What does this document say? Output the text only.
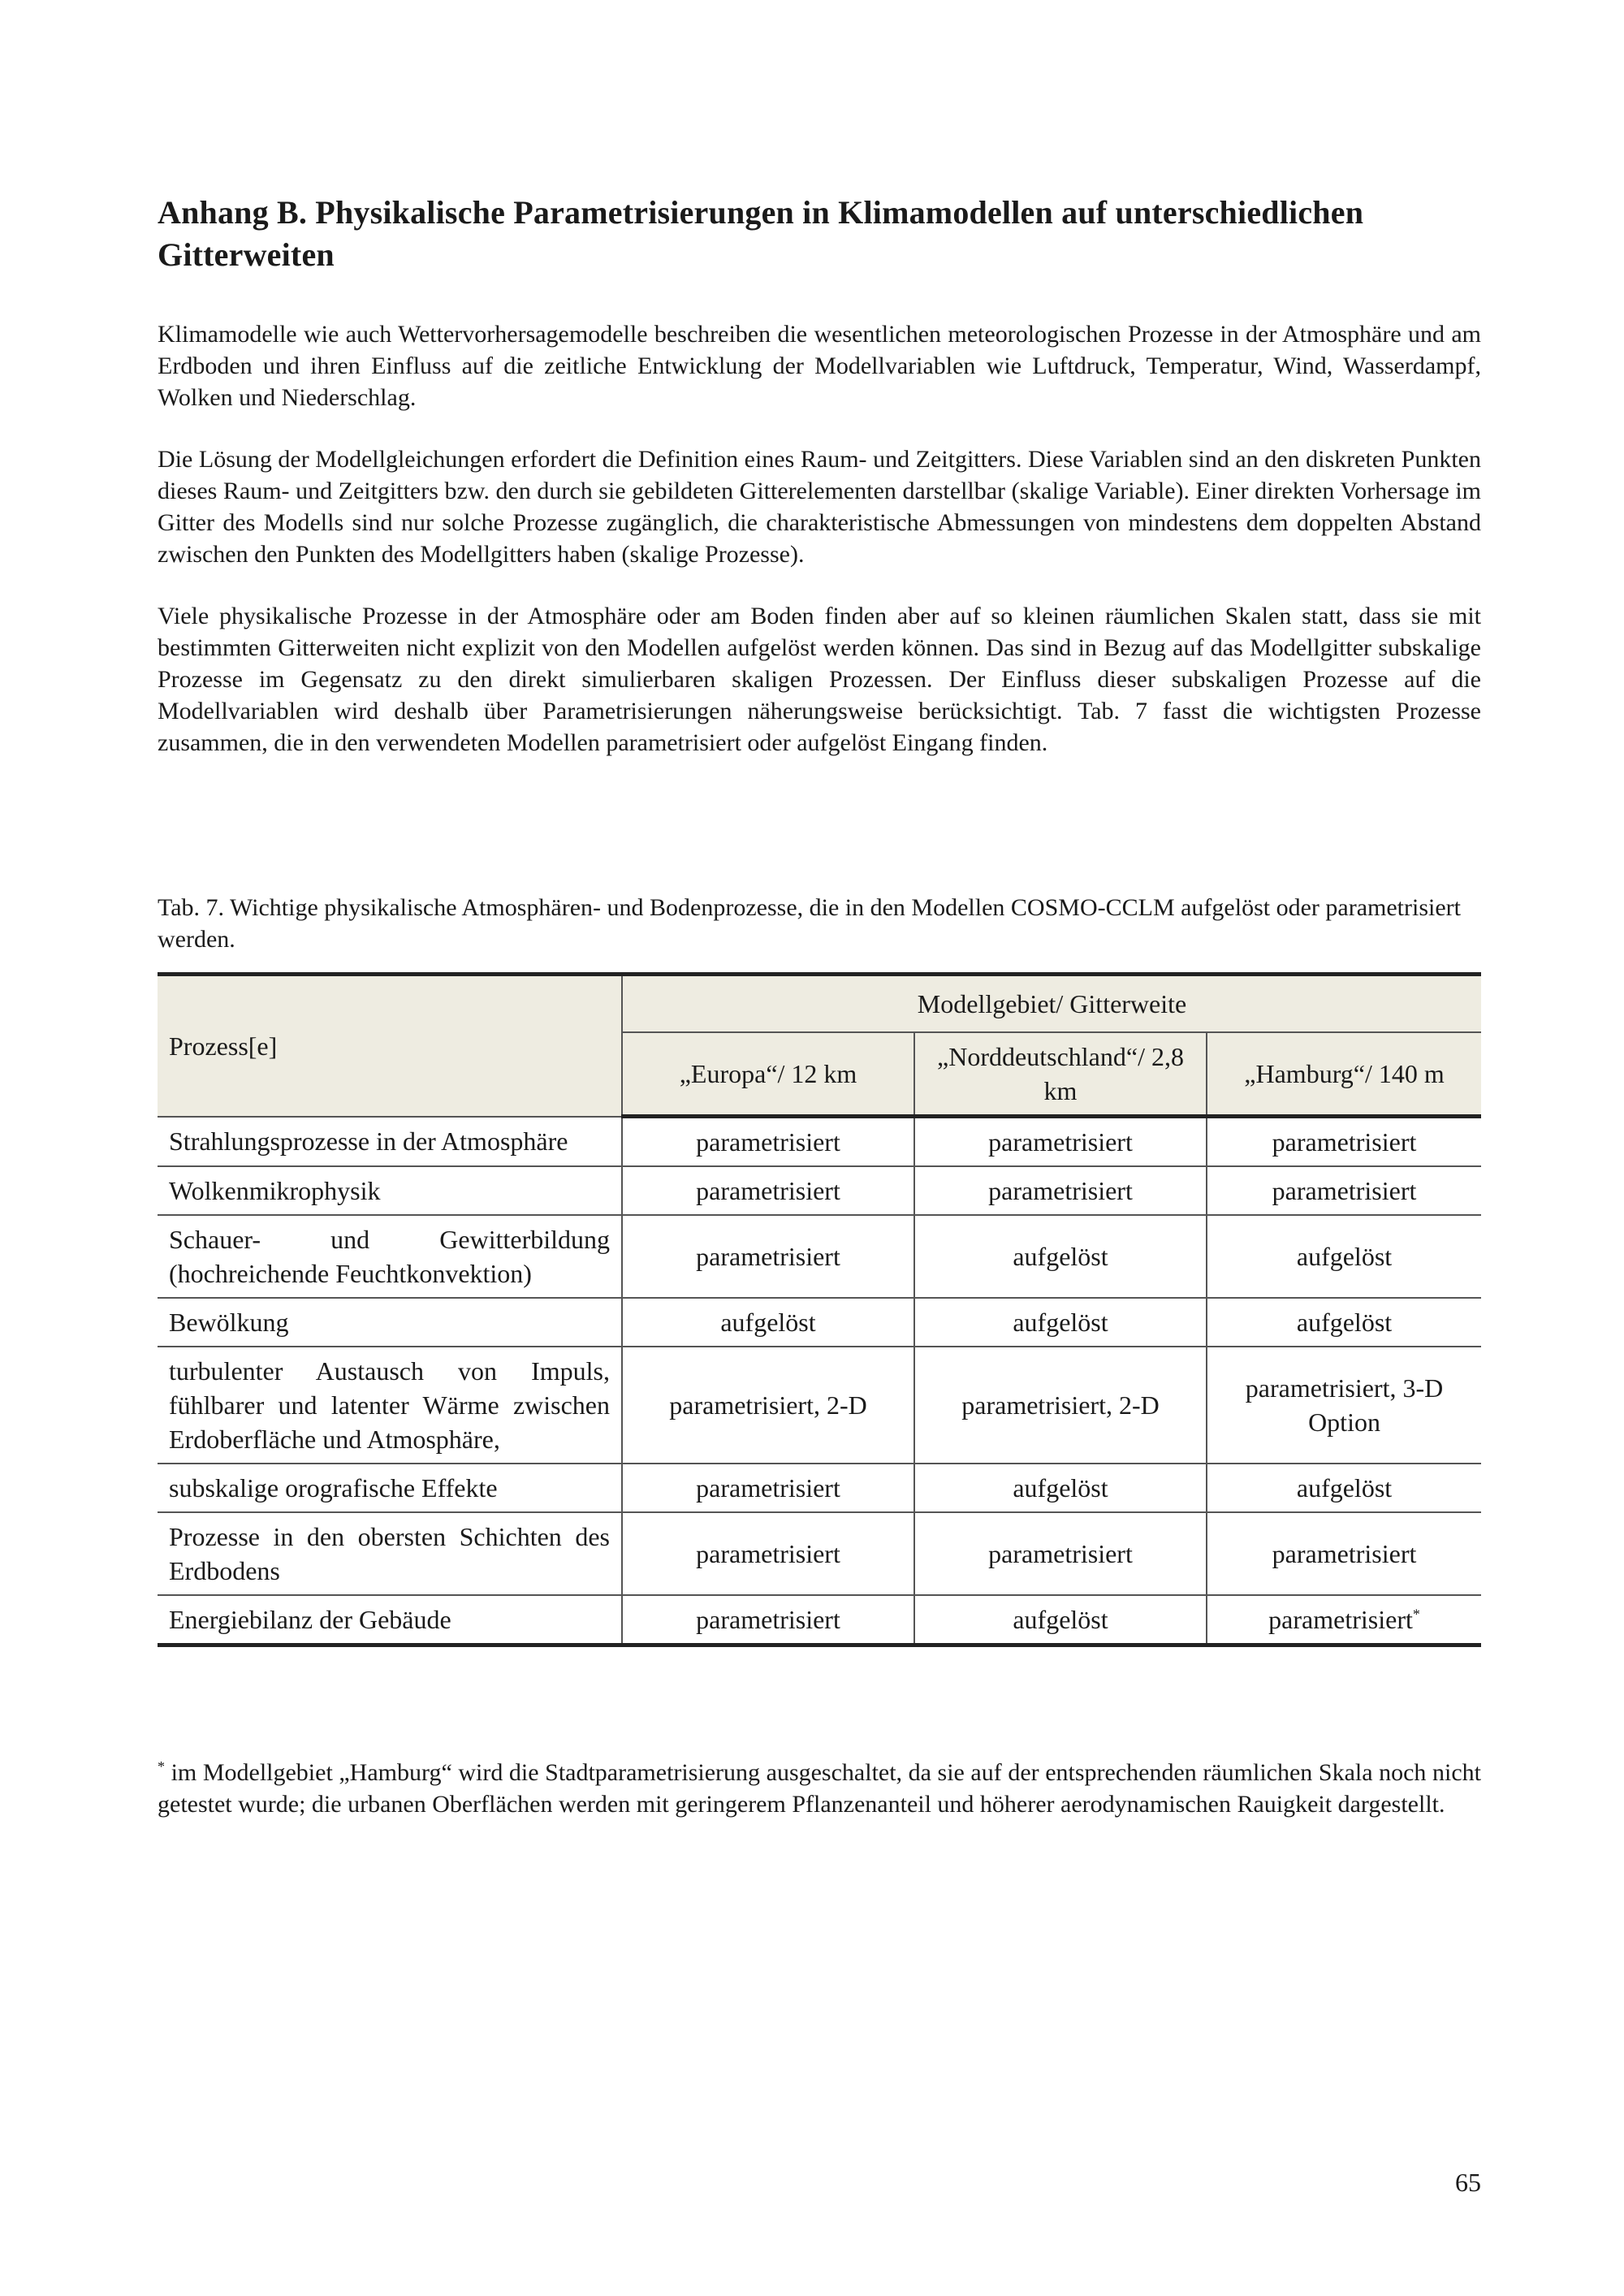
Anhang B. Physikalische Parametrisierungen in Klimamodellen auf unterschiedlichen Gitterweiten

Klimamodelle wie auch Wettervorhersagemodelle beschreiben die wesentlichen meteorologischen Prozesse in der Atmosphäre und am Erdboden und ihren Einfluss auf die zeitliche Entwicklung der Modellvariablen wie Luftdruck, Temperatur, Wind, Wasserdampf, Wolken und Niederschlag.

Die Lösung der Modellgleichungen erfordert die Definition eines Raum- und Zeitgitters. Diese Variablen sind an den diskreten Punkten dieses Raum- und Zeitgitters bzw. den durch sie gebildeten Gitterelementen darstellbar (skalige Variable). Einer direkten Vorhersage im Gitter des Modells sind nur solche Prozesse zugänglich, die charakteristische Abmessungen von mindestens dem doppelten Abstand zwischen den Punkten des Modellgitters haben (skalige Prozesse).

Viele physikalische Prozesse in der Atmosphäre oder am Boden finden aber auf so kleinen räumlichen Skalen statt, dass sie mit bestimmten Gitterweiten nicht explizit von den Modellen aufgelöst werden können. Das sind in Bezug auf das Modellgitter subskalige Prozesse im Gegensatz zu den direkt simulierbaren skaligen Prozessen. Der Einfluss dieser subskaligen Prozesse auf die Modellvariablen wird deshalb über Parametrisierungen näherungsweise berücksichtigt. Tab. 7 fasst die wichtigsten Prozesse zusammen, die in den verwendeten Modellen parametrisiert oder aufgelöst Eingang finden.

Tab. 7. Wichtige physikalische Atmosphären- und Bodenprozesse, die in den Modellen COSMO-CCLM aufgelöst oder parametrisiert werden.

Prozess[e]	Modellgebiet/ Gitterweite		
	„Europa“/ 12 km	„Norddeutschland“/ 2,8 km	„Hamburg“/ 140 m
Strahlungsprozesse in der Atmosphäre	parametrisiert	parametrisiert	parametrisiert
Wolkenmikrophysik	parametrisiert	parametrisiert	parametrisiert
Schauer- und Gewitterbildung (hochreichende Feuchtkonvektion)	parametrisiert	aufgelöst	aufgelöst
Bewölkung	aufgelöst	aufgelöst	aufgelöst
turbulenter Austausch von Impuls, fühlbarer und latenter Wärme zwischen Erdoberfläche und Atmosphäre,	parametrisiert, 2-D	parametrisiert, 2-D	parametrisiert, 3-D Option
subskalige orografische Effekte	parametrisiert	aufgelöst	aufgelöst
Prozesse in den obersten Schichten des Erdbodens	parametrisiert	parametrisiert	parametrisiert
Energiebilanz der Gebäude	parametrisiert	aufgelöst	parametrisiert*
* im Modellgebiet „Hamburg“ wird die Stadtparametrisierung ausgeschaltet, da sie auf der entsprechenden räumlichen Skala noch nicht getestet wurde; die urbanen Oberflächen werden mit geringerem Pflanzenanteil und höherer aerodynamischen Rauigkeit dargestellt.
65
